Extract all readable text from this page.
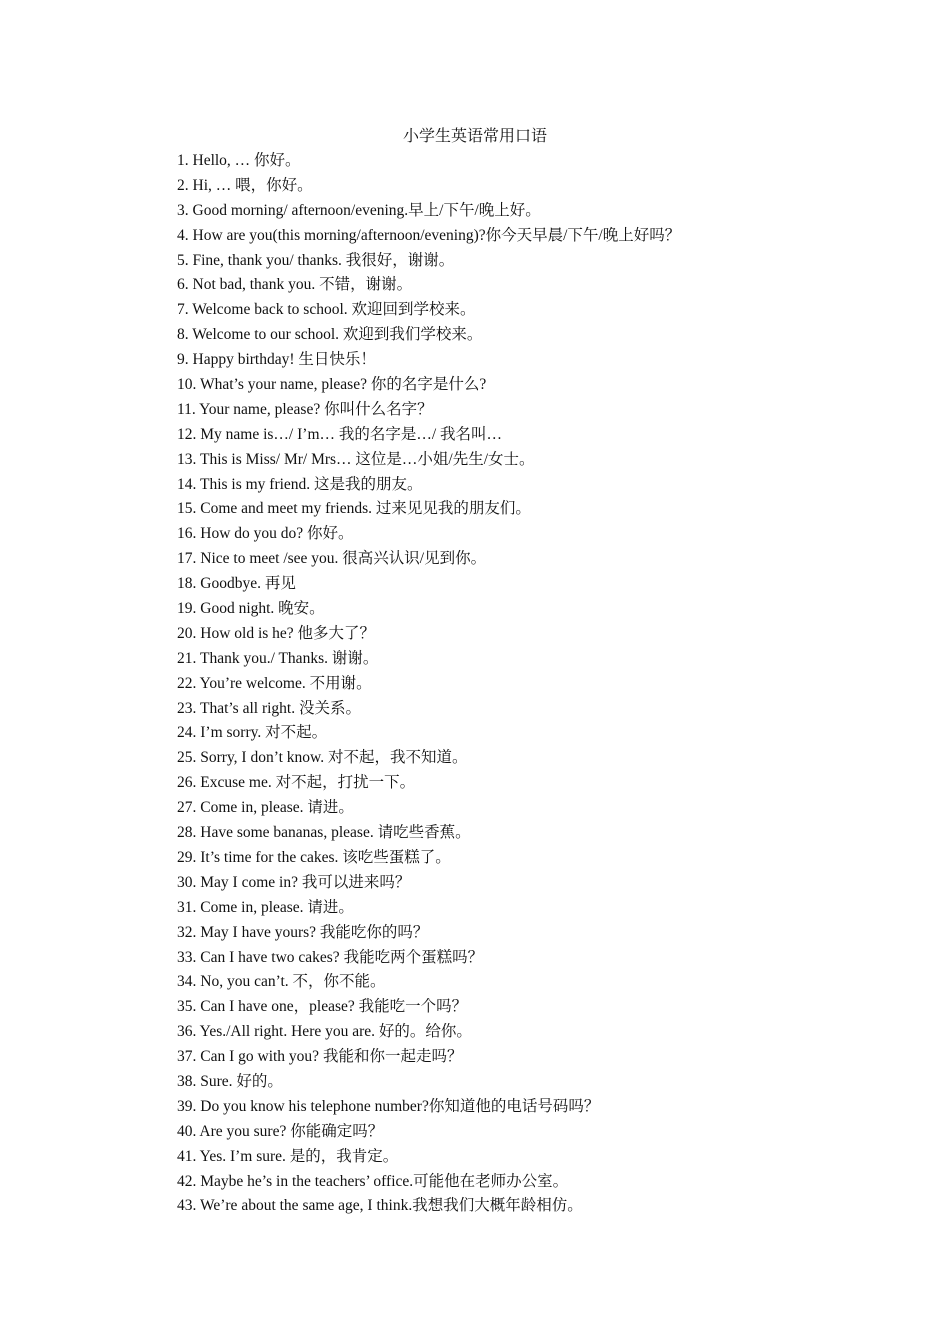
小学生英语常用口语
1. Hello, … 你好。
2. Hi, … 喂，你好。
3. Good morning/ afternoon/evening.早上/下午/晚上好。
4. How are you(this morning/afternoon/evening)?你今天早晨/下午/晚上好吗？
5. Fine, thank you/ thanks. 我很好，谢谢。
6. Not bad, thank you. 不错，谢谢。
7. Welcome back to school. 欢迎回到学校来。
8. Welcome to our school. 欢迎到我们学校来。
9. Happy birthday! 生日快乐！
10. What’s your name, please? 你的名字是什么?
11. Your name, please? 你叫什么名字？
12. My name is…/ I’m… 我的名字是…/ 我名叫…
13. This is Miss/ Mr/ Mrs… 这位是…小姐/先生/女士。
14. This is my friend. 这是我的朋友。
15. Come and meet my friends. 过来见见我的朋友们。
16. How do you do? 你好。
17. Nice to meet /see you. 很高兴认识/见到你。
18. Goodbye. 再见
19. Good night. 晚安。
20. How old is he? 他多大了？
21. Thank you./ Thanks. 谢谢。
22. You’re welcome. 不用谢。
23. That’s all right. 没关系。
24. I’m sorry. 对不起。
25. Sorry, I don’t know. 对不起，我不知道。
26. Excuse me. 对不起，打扰一下。
27. Come in, please. 请进。
28. Have some bananas, please. 请吃些香蕉。
29. It’s time for the cakes. 该吃些蛋糕了。
30. May I come in? 我可以进来吗？
31. Come in, please. 请进。
32. May I have yours? 我能吃你的吗？
33. Can I have two cakes? 我能吃两个蛋糕吗？
34. No, you can’t. 不，你不能。
35. Can I have one，please? 我能吃一个吗？
36. Yes./All right. Here you are. 好的。给你。
37. Can I go with you? 我能和你一起走吗？
38. Sure. 好的。
39. Do you know his telephone number?你知道他的电话号码吗？
40. Are you sure? 你能确定吗？
41. Yes. I’m sure. 是的，我肯定。
42. Maybe he’s in the teachers’ office.可能他在老师办公室。
43. We’re about the same age, I think.我想我们大概年龄相仿。
